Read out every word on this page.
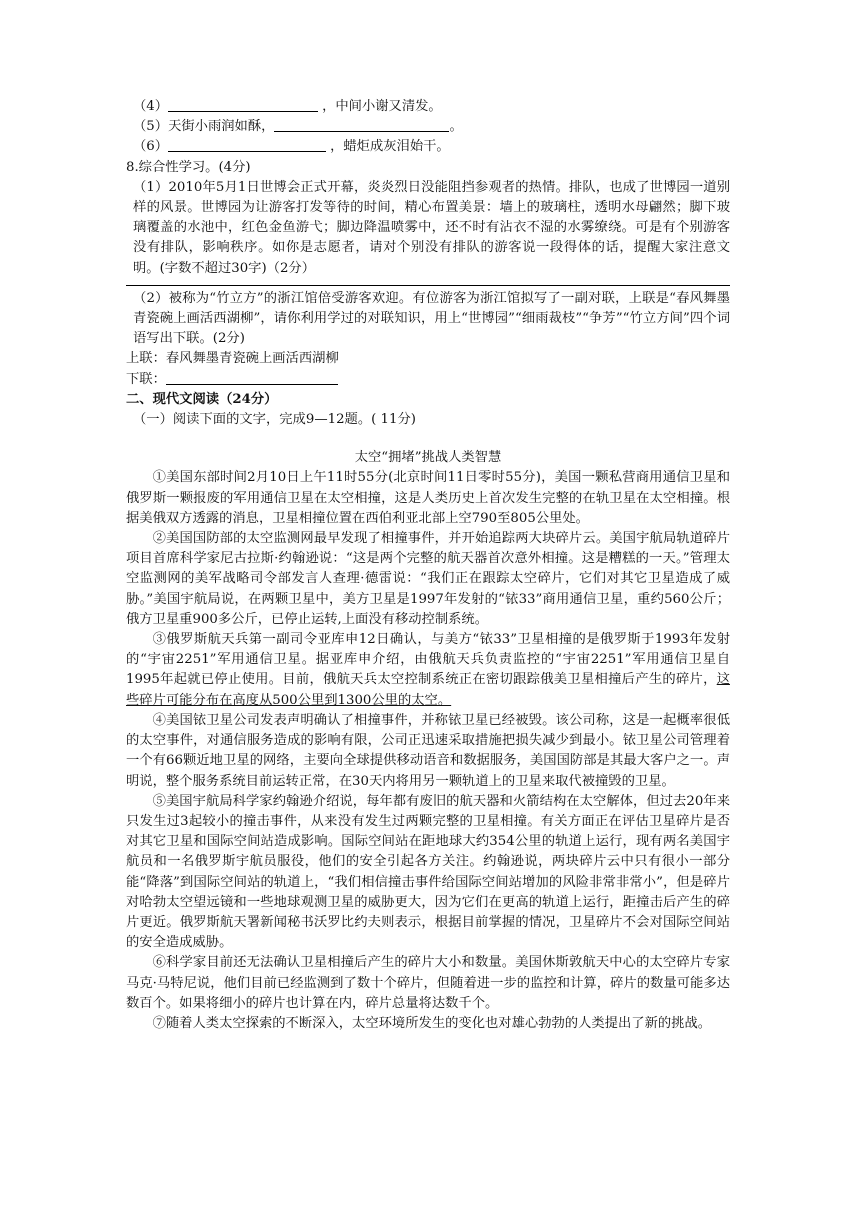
（4）	，中间小谢又清发。
（5）天街小雨润如酥，	。
（6）	，蜡炬成灰泪始干。
8.综合性学习。(4分)

（1）2010年5月1日世博会正式开幕，炎炎烈日没能阻挡参观者的热情。排队，也成了世博园一道别样的风景。世博园为让游客打发等待的时间，精心布置美景：墙上的玻璃柱，透明水母翩然；脚下玻璃覆盖的水池中，红色金鱼游弋；脚边降温喷雾中，还不时有沾衣不湿的水雾缭绕。可是有个别游客没有排队，影响秩序。如你是志愿者，请对个别没有排队的游客说一段得体的话，提醒大家注意文明。(字数不超过30字)（2分）

（2）被称为“竹立方”的浙江馆倍受游客欢迎。有位游客为浙江馆拟写了一副对联，上联是“春风舞墨青瓷碗上画活西湖柳”，请你利用学过的对联知识，用上“世博园”“细雨裁枝”“争芳”“竹立方间”四个词语写出下联。(2分)

上联：春风舞墨青瓷碗上画活西湖柳
下联：
二、现代文阅读（24分）
（一）阅读下面的文字，完成9—12题。( 11分)
太空“拥堵”挑战人类智慧

①美国东部时间2月10日上午11时55分(北京时间11日零时55分)，美国一颗私营商用通信卫星和俄罗斯一颗报废的军用通信卫星在太空相撞，这是人类历史上首次发生完整的在轨卫星在太空相撞。根据美俄双方透露的消息，卫星相撞位置在西伯利亚北部上空790至805公里处。

②美国国防部的太空监测网最早发现了相撞事件，并开始追踪两大块碎片云。美国宇航局轨道碎片项目首席科学家尼古拉斯·约翰逊说：“这是两个完整的航天器首次意外相撞。这是糟糕的一天。”管理太空监测网的美军战略司令部发言人查理·德雷说：“我们正在跟踪太空碎片，它们对其它卫星造成了威胁。”美国宇航局说，在两颗卫星中，美方卫星是1997年发射的“铱33”商用通信卫星，重约560公斤；俄方卫星重900多公斤，已停止运转,上面没有移动控制系统。

③俄罗斯航天兵第一副司令亚库申12日确认，与美方“铱33”卫星相撞的是俄罗斯于1993年发射的“宇宙2251”军用通信卫星。据亚库申介绍，由俄航天兵负责监控的“宇宙2251”军用通信卫星自1995年起就已停止使用。目前，俄航天兵太空控制系统正在密切跟踪俄美卫星相撞后产生的碎片，这些碎片可能分布在高度从500公里到1300公里的太空。

④美国铱卫星公司发表声明确认了相撞事件，并称铱卫星已经被毁。该公司称，这是一起概率很低的太空事件，对通信服务造成的影响有限，公司正迅速采取措施把损失减少到最小。铱卫星公司管理着一个有66颗近地卫星的网络，主要向全球提供移动语音和数据服务，美国国防部是其最大客户之一。声明说，整个服务系统目前运转正常，在30天内将用另一颗轨道上的卫星来取代被撞毁的卫星。

⑤美国宇航局科学家约翰逊介绍说，每年都有废旧的航天器和火箭结构在太空解体，但过去20年来只发生过3起较小的撞击事件，从来没有发生过两颗完整的卫星相撞。有关方面正在评估卫星碎片是否对其它卫星和国际空间站造成影响。国际空间站在距地球大约354公里的轨道上运行，现有两名美国宇航员和一名俄罗斯宇航员服役，他们的安全引起各方关注。约翰逊说，两块碎片云中只有很小一部分能“降落”到国际空间站的轨道上，“我们相信撞击事件给国际空间站增加的风险非常非常小”，但是碎片对哈勃太空望远镜和一些地球观测卫星的威胁更大，因为它们在更高的轨道上运行，距撞击后产生的碎片更近。俄罗斯航天署新闻秘书沃罗比约夫则表示，根据目前掌握的情况，卫星碎片不会对国际空间站的安全造成威胁。

⑥科学家目前还无法确认卫星相撞后产生的碎片大小和数量。美国休斯敦航天中心的太空碎片专家马克·马特尼说，他们目前已经监测到了数十个碎片，但随着进一步的监控和计算，碎片的数量可能多达数百个。如果将细小的碎片也计算在内，碎片总量将达数千个。

⑦随着人类太空探索的不断深入，太空环境所发生的变化也对雄心勃勃的人类提出了新的挑战。
